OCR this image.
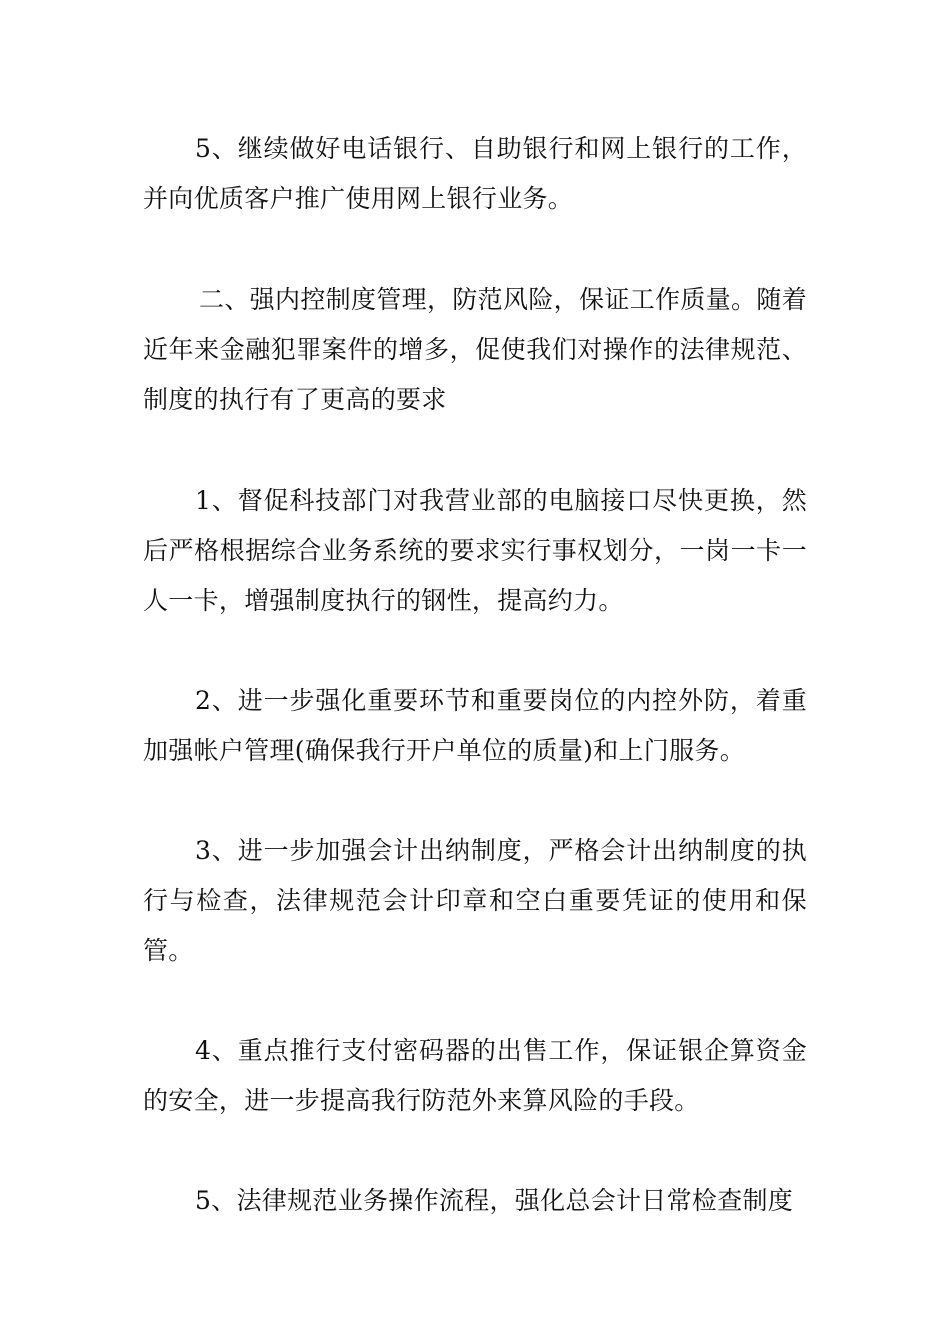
5、继续做好电话银行、自助银行和网上银行的工作，并向优质客户推广使用网上银行业务。

二、强内控制度管理，防范风险，保证工作质量。随着近年来金融犯罪案件的增多，促使我们对操作的法律规范、制度的执行有了更高的要求

1、督促科技部门对我营业部的电脑接口尽快更换，然后严格根据综合业务系统的要求实行事权划分，一岗一卡一人一卡，增强制度执行的钢性，提高约力。

2、进一步强化重要环节和重要岗位的内控外防，着重加强帐户管理(确保我行开户单位的质量)和上门服务。

3、进一步加强会计出纳制度，严格会计出纳制度的执行与检查，法律规范会计印章和空白重要凭证的使用和保管。

4、重点推行支付密码器的出售工作，保证银企算资金的安全，进一步提高我行防范外来算风险的手段。

5、法律规范业务操作流程，强化总会计日常检查制度
